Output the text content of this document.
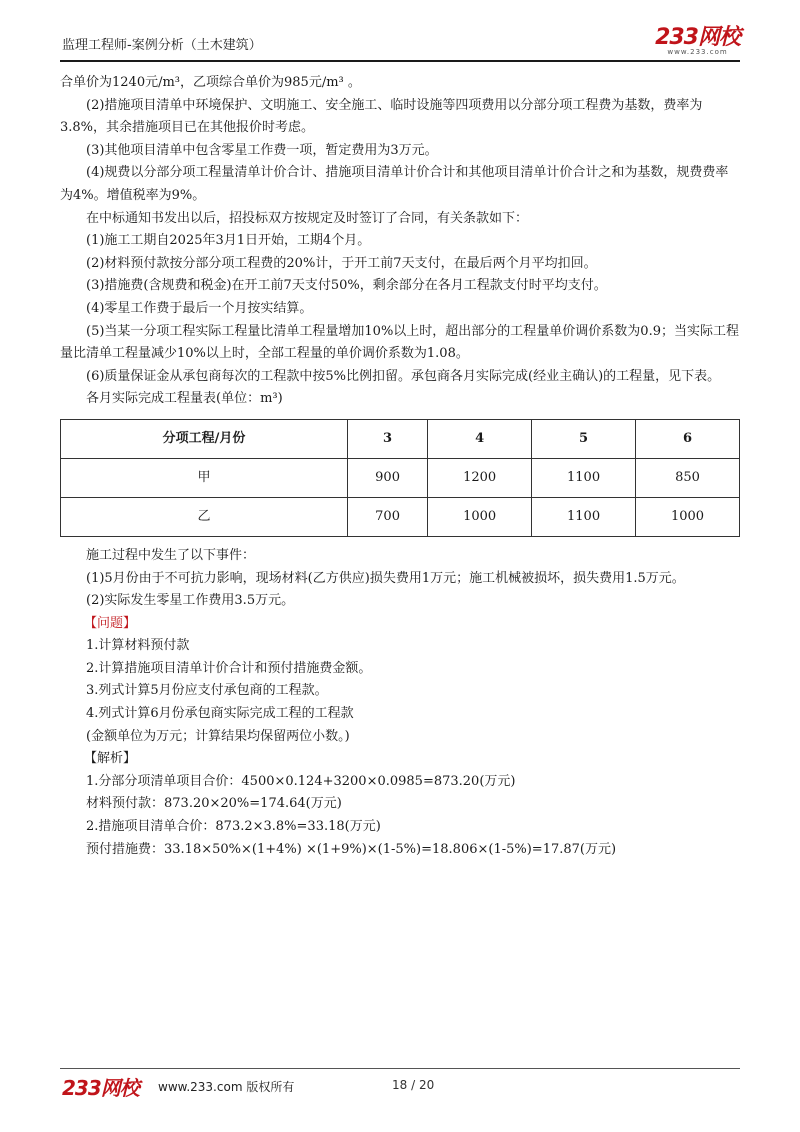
监理工程师-案例分析（土木建筑）	233网校
www.233.com

合单价为1240元/m³，乙项综合单价为985元/m³ 。

(2)措施项目清单中环境保护、文明施工、安全施工、临时设施等四项费用以分部分项工程费为基数，费率为3.8%，其余措施项目已在其他报价时考虑。

(3)其他项目清单中包含零星工作费一项，暂定费用为3万元。

(4)规费以分部分项工程量清单计价合计、措施项目清单计价合计和其他项目清单计价合计之和为基数，规费费率为4%。增值税率为9%。

在中标通知书发出以后，招投标双方按规定及时签订了合同，有关条款如下：

(1)施工工期自2025年3月1日开始，工期4个月。

(2)材料预付款按分部分项工程费的20%计，于开工前7天支付，在最后两个月平均扣回。

(3)措施费(含规费和税金)在开工前7天支付50%，剩余部分在各月工程款支付时平均支付。

(4)零星工作费于最后一个月按实结算。

(5)当某一分项工程实际工程量比清单工程量增加10%以上时，超出部分的工程量单价调价系数为0.9；当实际工程量比清单工程量减少10%以上时，全部工程量的单价调价系数为1.08。

(6)质量保证金从承包商每次的工程款中按5%比例扣留。承包商各月实际完成(经业主确认)的工程量，见下表。

各月实际完成工程量表(单位：m³)

分项工程/月份	3	4	5	6
甲	900	1200	1100	850
乙	700	1000	1100	1000

施工过程中发生了以下事件：

(1)5月份由于不可抗力影响，现场材料(乙方供应)损失费用1万元；施工机械被损坏，损失费用1.5万元。

(2)实际发生零星工作费用3.5万元。

【问题】

1.计算材料预付款

2.计算措施项目清单计价合计和预付措施费金额。

3.列式计算5月份应支付承包商的工程款。

4.列式计算6月份承包商实际完成工程的工程款

(金额单位为万元；计算结果均保留两位小数。)

【解析】

1.分部分项清单项目合价：4500×0.124+3200×0.0985=873.20(万元)

材料预付款：873.20×20%=174.64(万元)

2.措施项目清单合价：873.2×3.8%=33.18(万元)

预付措施费：33.18×50%×(1+4%) ×(1+9%)×(1-5%)=18.806×(1-5%)=17.87(万元)

233网校 www.233.com 版权所有	18 / 20
